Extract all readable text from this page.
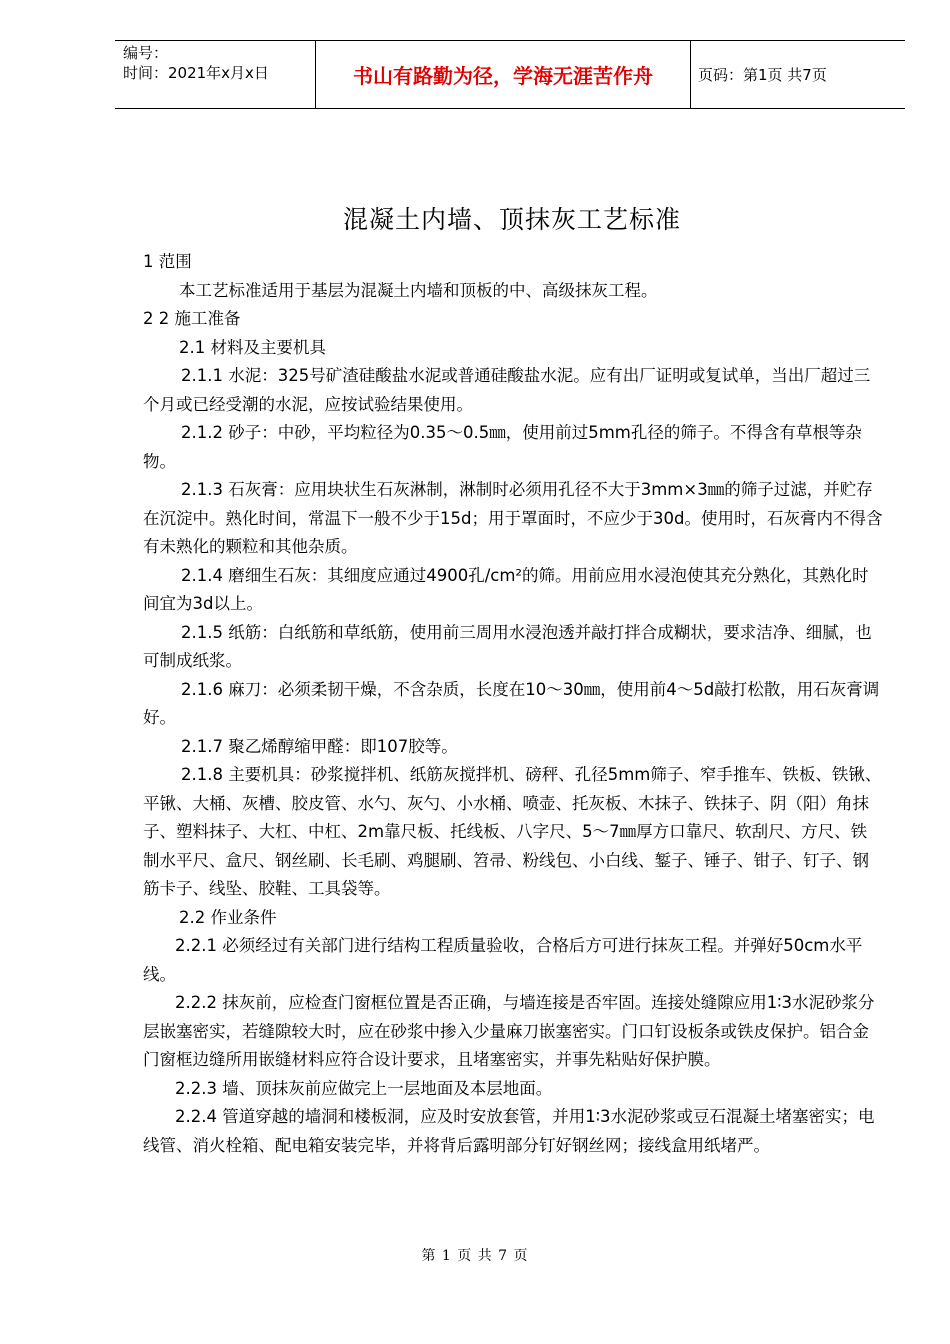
编号：
时间：2021年x月x日	书山有路勤为径，学海无涯苦作舟	页码：第1页 共7页
混凝土内墙、顶抹灰工艺标准

1 范围

本工艺标准适用于基层为混凝土内墙和顶板的中、高级抹灰工程。

2 2 施工准备

2.1 材料及主要机具

2.1.1 水泥：325号矿渣硅酸盐水泥或普通硅酸盐水泥。应有出厂证明或复试单，当出厂超过三个月或已经受潮的水泥，应按试验结果使用。

2.1.2 砂子：中砂，平均粒径为0.35～0.5㎜，使用前过5mm孔径的筛子。不得含有草根等杂物。

2.1.3 石灰膏：应用块状生石灰淋制，淋制时必须用孔径不大于3mm×3㎜的筛子过滤，并贮存在沉淀中。熟化时间，常温下一般不少于15d；用于罩面时，不应少于30d。使用时，石灰膏内不得含有未熟化的颗粒和其他杂质。

2.1.4 磨细生石灰：其细度应通过4900孔/cm²的筛。用前应用水浸泡使其充分熟化，其熟化时间宜为3d以上。

2.1.5 纸筋：白纸筋和草纸筋，使用前三周用水浸泡透并敲打拌合成糊状，要求洁净、细腻，也可制成纸浆。

2.1.6 麻刀：必须柔韧干燥，不含杂质，长度在10～30㎜，使用前4～5d敲打松散，用石灰膏调好。

2.1.7 聚乙烯醇缩甲醛：即107胶等。

2.1.8 主要机具：砂浆搅拌机、纸筋灰搅拌机、磅秤、孔径5mm筛子、窄手推车、铁板、铁锹、平锹、大桶、灰槽、胶皮管、水勺、灰勺、小水桶、喷壶、托灰板、木抹子、铁抹子、阴（阳）角抹子、塑料抹子、大杠、中杠、2m靠尺板、托线板、八字尺、5～7㎜厚方口靠尺、软刮尺、方尺、铁制水平尺、盒尺、钢丝刷、长毛刷、鸡腿刷、笤帚、粉线包、小白线、錾子、锤子、钳子、钉子、钢筋卡子、线坠、胶鞋、工具袋等。

2.2 作业条件

2.2.1 必须经过有关部门进行结构工程质量验收，合格后方可进行抹灰工程。并弹好50cm水平线。

2.2.2 抹灰前，应检查门窗框位置是否正确，与墙连接是否牢固。连接处缝隙应用1∶3水泥砂浆分层嵌塞密实，若缝隙较大时，应在砂浆中掺入少量麻刀嵌塞密实。门口钉设板条或铁皮保护。铝合金门窗框边缝所用嵌缝材料应符合设计要求，且堵塞密实，并事先粘贴好保护膜。

2.2.3 墙、顶抹灰前应做完上一层地面及本层地面。

2.2.4 管道穿越的墙洞和楼板洞，应及时安放套管，并用1∶3水泥砂浆或豆石混凝土堵塞密实；电线管、消火栓箱、配电箱安装完毕，并将背后露明部分钉好钢丝网；接线盒用纸堵严。

第 1 页 共 7 页
